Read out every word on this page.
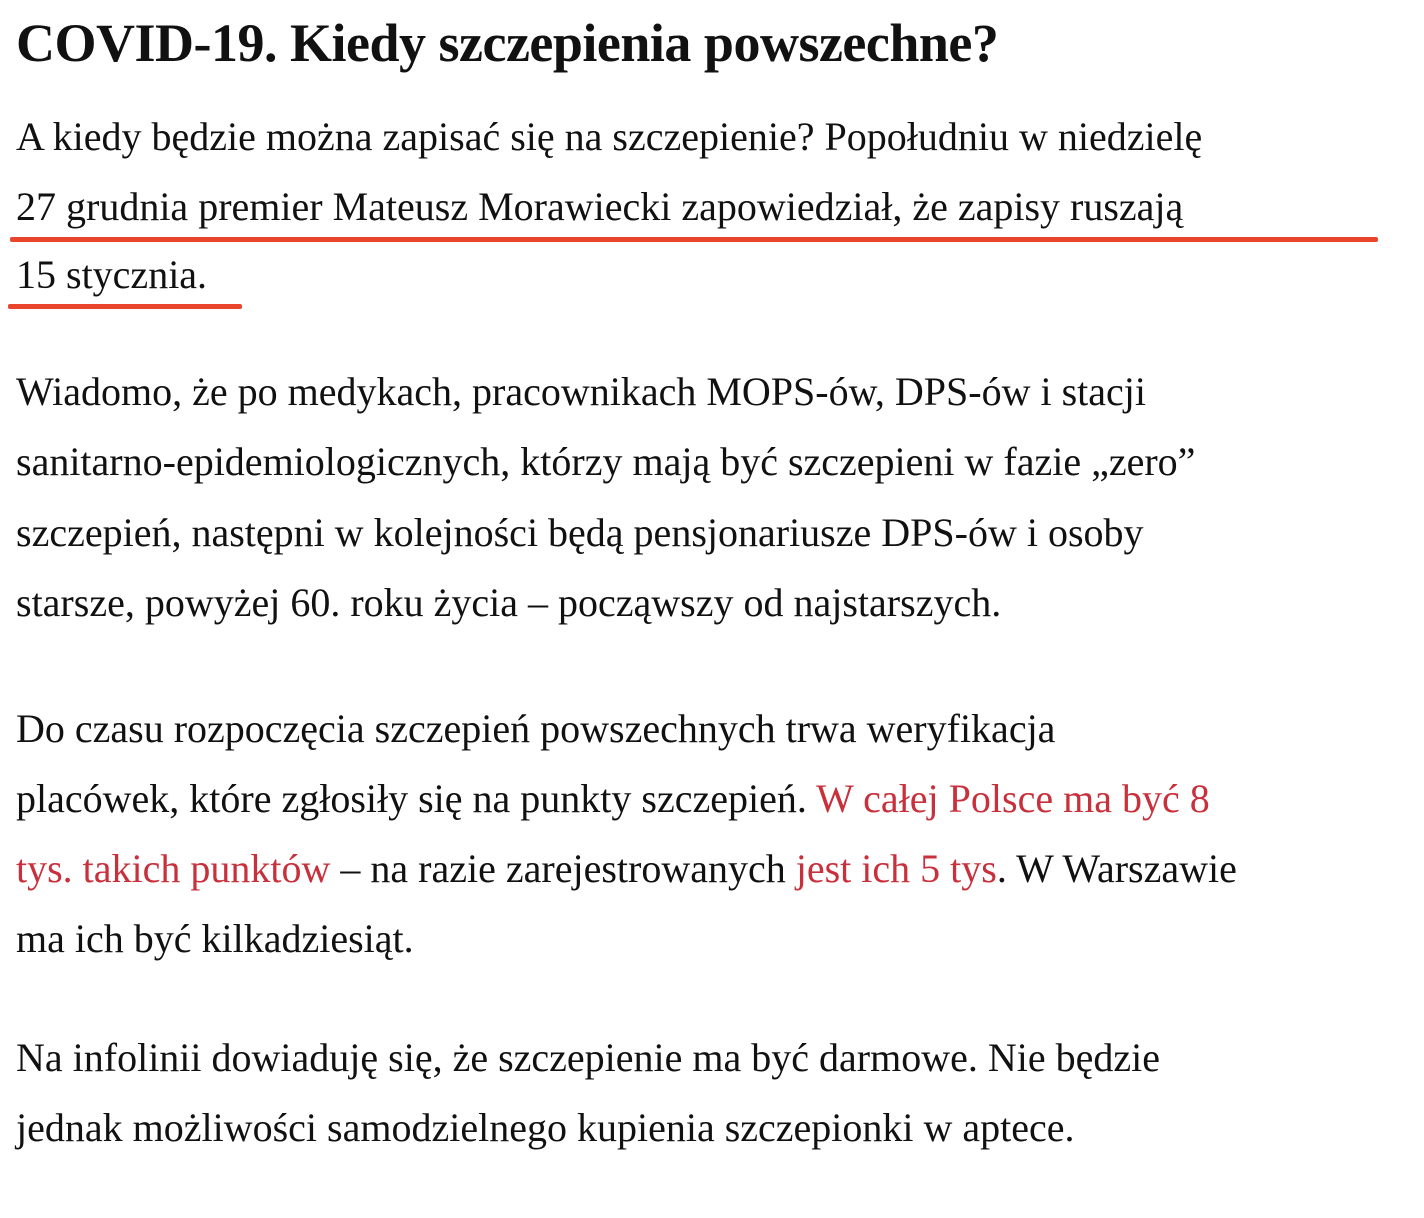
COVID-19. Kiedy szczepienia powszechne?

A kiedy będzie można zapisać się na szczepienie? Popołudniu w niedzielę

27 grudnia premier Mateusz Morawiecki zapowiedział, że zapisy ruszają

15 stycznia.

Wiadomo, że po medykach, pracownikach MOPS-ów, DPS-ów i stacji

sanitarno-epidemiologicznych, którzy mają być szczepieni w fazie „zero”

szczepień, następni w kolejności będą pensjonariusze DPS-ów i osoby

starsze, powyżej 60. roku życia – począwszy od najstarszych.

Do czasu rozpoczęcia szczepień powszechnych trwa weryfikacja

placówek, które zgłosiły się na punkty szczepień. W całej Polsce ma być 8

tys. takich punktów – na razie zarejestrowanych jest ich 5 tys. W Warszawie

ma ich być kilkadziesiąt.

Na infolinii dowiaduję się, że szczepienie ma być darmowe. Nie będzie

jednak możliwości samodzielnego kupienia szczepionki w aptece.
